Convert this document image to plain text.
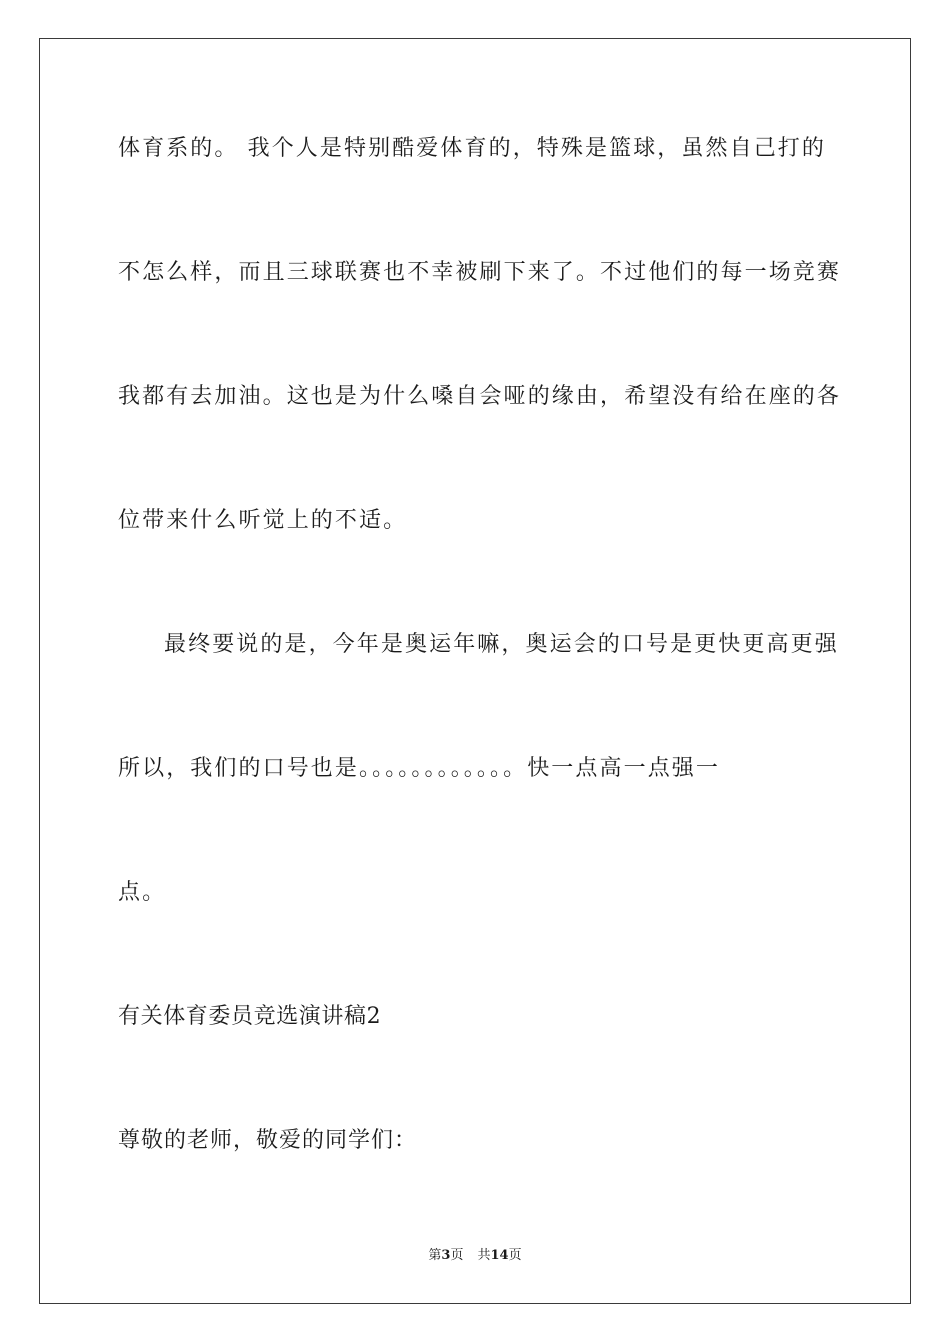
体育系的。 我个人是特别酷爱体育的，特殊是篮球，虽然自己打的
不怎么样，而且三球联赛也不幸被刷下来了。不过他们的每一场竞赛
我都有去加油。这也是为什么嗓自会哑的缘由，希望没有给在座的各
位带来什么听觉上的不适。
最终要说的是，今年是奥运年嘛，奥运会的口号是更快更高更强
所以，我们的口号也是。。。。。。。。。。。。快一点高一点强一
点。
有关体育委员竞选演讲稿2
尊敬的老师，敬爱的同学们：
第3页 共14页
